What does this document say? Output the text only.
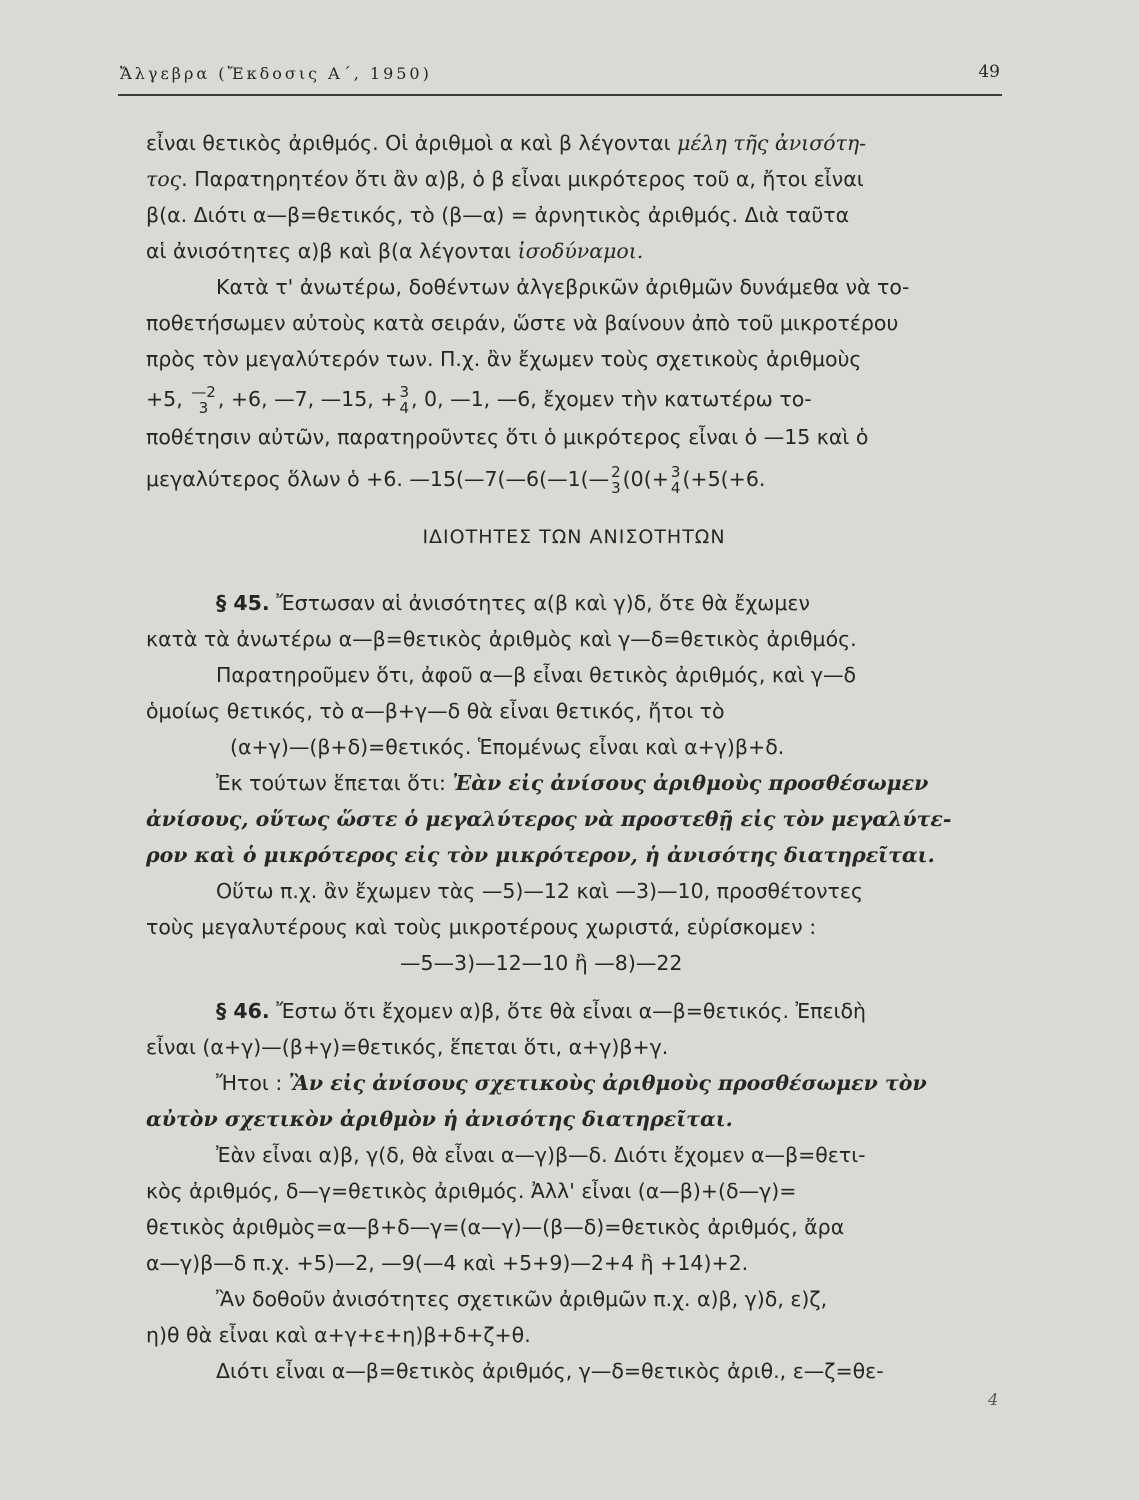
Ἄλγεβρα (Ἔκδοσις Α΄, 1950)	49
εἶναι θετικὸς ἀριθμός. Οἱ ἀριθμοὶ α καὶ β λέγονται μέλη τῆς ἀνισότη-
τος. Παρατηρητέον ὅτι ἂν α)β, ὁ β εἶναι μικρότερος τοῦ α, ἤτοι εἶναι
β(α. Διότι α—β=θετικός, τὸ (β—α) = ἀρνητικὸς ἀριθμός. Διὰ ταῦτα
αἱ ἀνισότητες α)β καὶ β(α λέγονται ἰσοδύναμοι.
Κατὰ τ' ἀνωτέρω, δοθέντων ἀλγεβρικῶν ἀριθμῶν δυνάμεθα νὰ το-
ποθετήσωμεν αὐτοὺς κατὰ σειράν, ὥστε νὰ βαίνουν ἀπὸ τοῦ μικροτέρου
πρὸς τὸν μεγαλύτερόν των. Π.χ. ἂν ἔχωμεν τοὺς σχετικοὺς ἀριθμοὺς
+5, —2
3 , +6, —7, —15, + 3
4 , 0, —1, —6, ἔχομεν τὴν κατωτέρω το-
ποθέτησιν αὐτῶν, παρατηροῦντες ὅτι ὁ μικρότερος εἶναι ὁ —15 καὶ ὁ
μεγαλύτερος ὅλων ὁ +6. —15(—7(—6(—1(— 2
3 (0(+ 3
4 (+5(+6.
ΙΔΙΟΤΗΤΕΣ ΤΩΝ ΑΝΙΣΟΤΗΤΩΝ
§ 45. Ἔστωσαν αἱ ἀνισότητες α(β καὶ γ)δ, ὅτε θὰ ἔχωμεν
κατὰ τὰ ἀνωτέρω α—β=θετικὸς ἀριθμὸς καὶ γ—δ=θετικὸς ἀριθμός.
Παρατηροῦμεν ὅτι, ἀφοῦ α—β εἶναι θετικὸς ἀριθμός, καὶ γ—δ
ὁμοίως θετικός, τὸ α—β+γ—δ θὰ εἶναι θετικός, ἤτοι τὸ
(α+γ)—(β+δ)=θετικός. Ἑπομένως εἶναι καὶ α+γ)β+δ.
Ἐκ τούτων ἕπεται ὅτι: Ἐὰν εἰς ἀνίσους ἀριθμοὺς προσθέσωμεν
ἀνίσους, οὕτως ὥστε ὁ μεγαλύτερος νὰ προστεθῇ εἰς τὸν μεγαλύτε-
ρον καὶ ὁ μικρότερος εἰς τὸν μικρότερον, ἡ ἀνισότης διατηρεῖται.
Οὕτω π.χ. ἂν ἔχωμεν τὰς —5)—12 καὶ —3)—10, προσθέτοντες
τοὺς μεγαλυτέρους καὶ τοὺς μικροτέρους χωριστά, εὑρίσκομεν :
—5—3)—12—10 ἢ —8)—22
§ 46. Ἔστω ὅτι ἔχομεν α)β, ὅτε θὰ εἶναι α—β=θετικός. Ἐπειδὴ
εἶναι (α+γ)—(β+γ)=θετικός, ἕπεται ὅτι, α+γ)β+γ.
Ἤτοι : Ἂν εἰς ἀνίσους σχετικοὺς ἀριθμοὺς προσθέσωμεν τὸν
αὐτὸν σχετικὸν ἀριθμὸν ἡ ἀνισότης διατηρεῖται.
Ἐὰν εἶναι α)β, γ(δ, θὰ εἶναι α—γ)β—δ. Διότι ἔχομεν α—β=θετι-
κὸς ἀριθμός, δ—γ=θετικὸς ἀριθμός. Ἀλλ' εἶναι (α—β)+(δ—γ)=
θετικὸς ἀριθμὸς=α—β+δ—γ=(α—γ)—(β—δ)=θετικὸς ἀριθμός, ἄρα
α—γ)β—δ π.χ. +5)—2, —9(—4 καὶ +5+9)—2+4 ἢ +14)+2.
Ἂν δοθοῦν ἀνισότητες σχετικῶν ἀριθμῶν π.χ. α)β, γ)δ, ε)ζ,
η)θ θὰ εἶναι καὶ α+γ+ε+η)β+δ+ζ+θ.
Διότι εἶναι α—β=θετικὸς ἀριθμός, γ—δ=θετικὸς ἀριθ., ε—ζ=θε-
4
